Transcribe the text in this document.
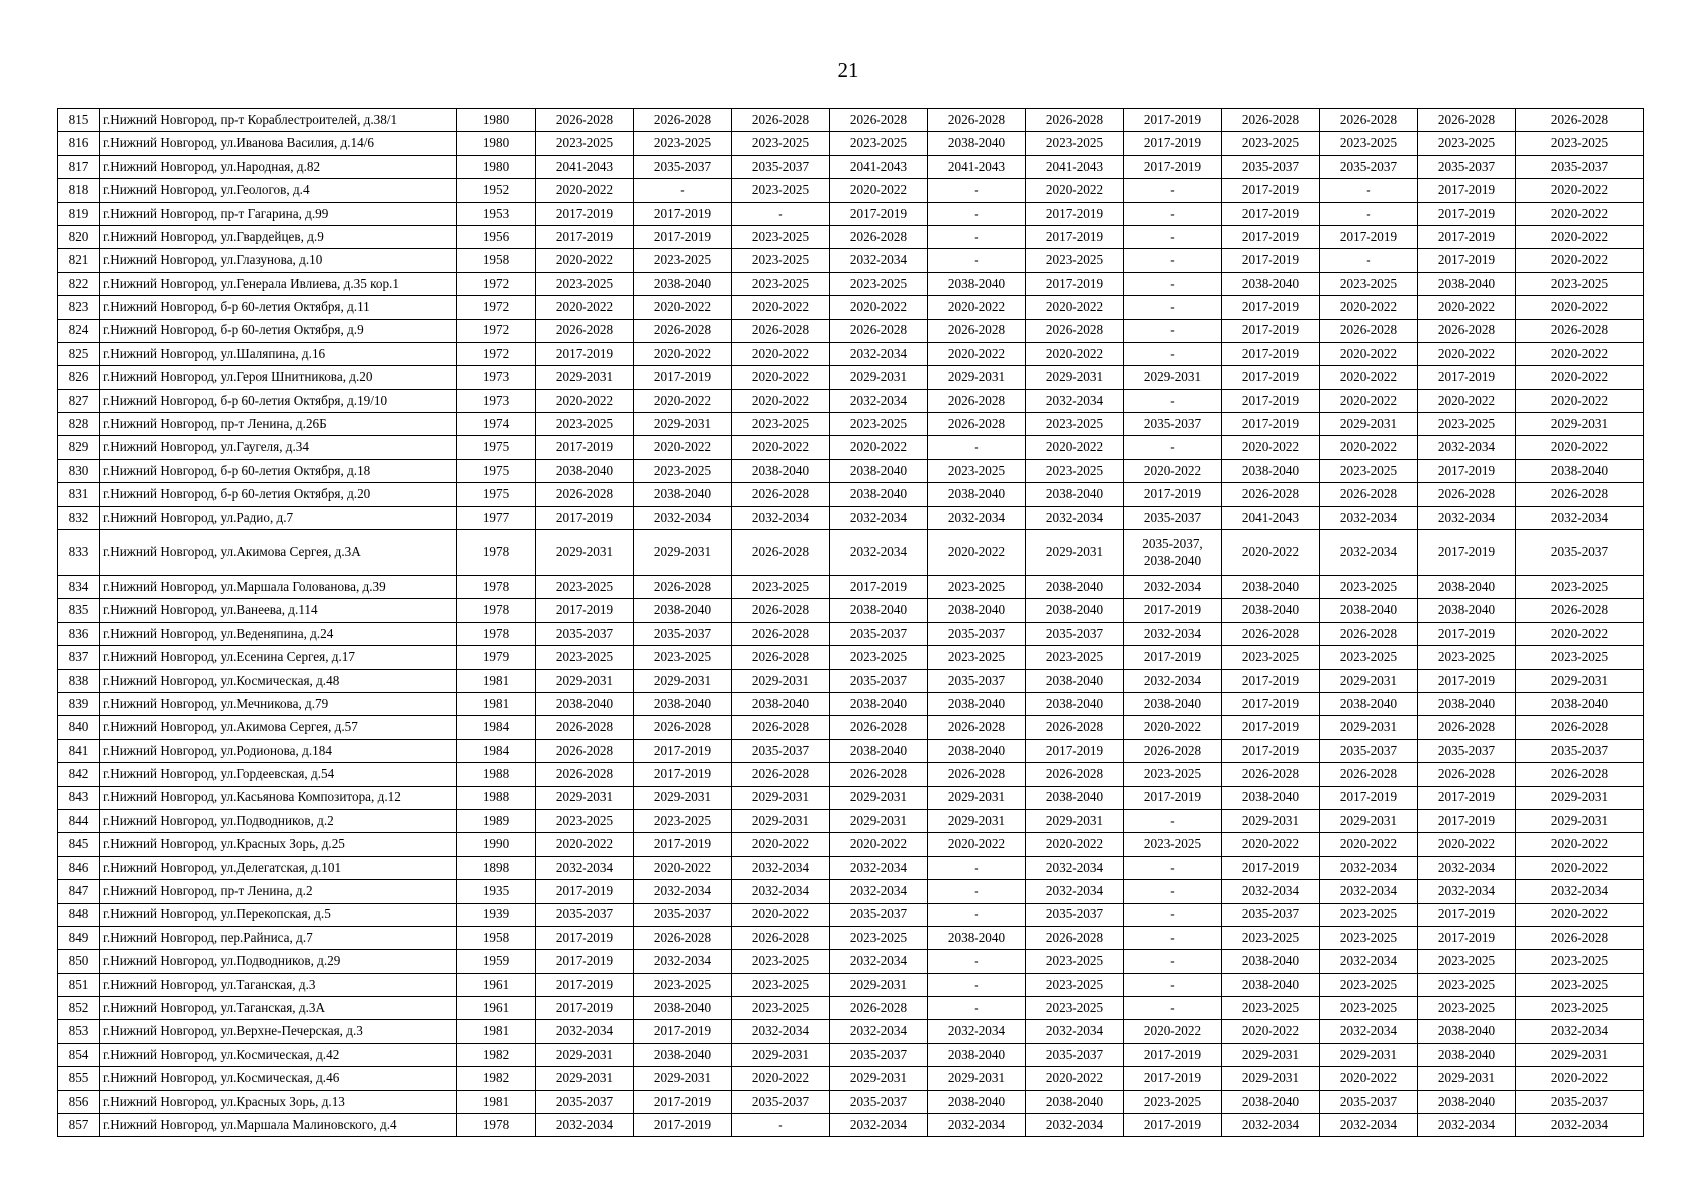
21
815	г.Нижний Новгород, пр-т Кораблестроителей, д.38/1	1980	2026-2028	2026-2028	2026-2028	2026-2028	2026-2028	2026-2028	2017-2019	2026-2028	2026-2028	2026-2028	2026-2028
816	г.Нижний Новгород, ул.Иванова Василия, д.14/6	1980	2023-2025	2023-2025	2023-2025	2023-2025	2038-2040	2023-2025	2017-2019	2023-2025	2023-2025	2023-2025	2023-2025
817	г.Нижний Новгород, ул.Народная, д.82	1980	2041-2043	2035-2037	2035-2037	2041-2043	2041-2043	2041-2043	2017-2019	2035-2037	2035-2037	2035-2037	2035-2037
818	г.Нижний Новгород, ул.Геологов, д.4	1952	2020-2022	-	2023-2025	2020-2022	-	2020-2022	-	2017-2019	-	2017-2019	2020-2022
819	г.Нижний Новгород, пр-т Гагарина, д.99	1953	2017-2019	2017-2019	-	2017-2019	-	2017-2019	-	2017-2019	-	2017-2019	2020-2022
820	г.Нижний Новгород, ул.Гвардейцев, д.9	1956	2017-2019	2017-2019	2023-2025	2026-2028	-	2017-2019	-	2017-2019	2017-2019	2017-2019	2020-2022
821	г.Нижний Новгород, ул.Глазунова, д.10	1958	2020-2022	2023-2025	2023-2025	2032-2034	-	2023-2025	-	2017-2019	-	2017-2019	2020-2022
822	г.Нижний Новгород, ул.Генерала Ивлиева, д.35 кор.1	1972	2023-2025	2038-2040	2023-2025	2023-2025	2038-2040	2017-2019	-	2038-2040	2023-2025	2038-2040	2023-2025
823	г.Нижний Новгород, б-р 60-летия Октября, д.11	1972	2020-2022	2020-2022	2020-2022	2020-2022	2020-2022	2020-2022	-	2017-2019	2020-2022	2020-2022	2020-2022
824	г.Нижний Новгород, б-р 60-летия Октября, д.9	1972	2026-2028	2026-2028	2026-2028	2026-2028	2026-2028	2026-2028	-	2017-2019	2026-2028	2026-2028	2026-2028
825	г.Нижний Новгород, ул.Шаляпина, д.16	1972	2017-2019	2020-2022	2020-2022	2032-2034	2020-2022	2020-2022	-	2017-2019	2020-2022	2020-2022	2020-2022
826	г.Нижний Новгород, ул.Героя Шнитникова, д.20	1973	2029-2031	2017-2019	2020-2022	2029-2031	2029-2031	2029-2031	2029-2031	2017-2019	2020-2022	2017-2019	2020-2022
827	г.Нижний Новгород, б-р 60-летия Октября, д.19/10	1973	2020-2022	2020-2022	2020-2022	2032-2034	2026-2028	2032-2034	-	2017-2019	2020-2022	2020-2022	2020-2022
828	г.Нижний Новгород, пр-т Ленина, д.26Б	1974	2023-2025	2029-2031	2023-2025	2023-2025	2026-2028	2023-2025	2035-2037	2017-2019	2029-2031	2023-2025	2029-2031
829	г.Нижний Новгород, ул.Гаугеля, д.34	1975	2017-2019	2020-2022	2020-2022	2020-2022	-	2020-2022	-	2020-2022	2020-2022	2032-2034	2020-2022
830	г.Нижний Новгород, б-р 60-летия Октября, д.18	1975	2038-2040	2023-2025	2038-2040	2038-2040	2023-2025	2023-2025	2020-2022	2038-2040	2023-2025	2017-2019	2038-2040
831	г.Нижний Новгород, б-р 60-летия Октября, д.20	1975	2026-2028	2038-2040	2026-2028	2038-2040	2038-2040	2038-2040	2017-2019	2026-2028	2026-2028	2026-2028	2026-2028
832	г.Нижний Новгород, ул.Радио, д.7	1977	2017-2019	2032-2034	2032-2034	2032-2034	2032-2034	2032-2034	2035-2037	2041-2043	2032-2034	2032-2034	2032-2034
833	г.Нижний Новгород, ул.Акимова Сергея, д.3А	1978	2029-2031	2029-2031	2026-2028	2032-2034	2020-2022	2029-2031	2035-2037, 2038-2040	2020-2022	2032-2034	2017-2019	2035-2037
834	г.Нижний Новгород, ул.Маршала Голованова, д.39	1978	2023-2025	2026-2028	2023-2025	2017-2019	2023-2025	2038-2040	2032-2034	2038-2040	2023-2025	2038-2040	2023-2025
835	г.Нижний Новгород, ул.Ванеева, д.114	1978	2017-2019	2038-2040	2026-2028	2038-2040	2038-2040	2038-2040	2017-2019	2038-2040	2038-2040	2038-2040	2026-2028
836	г.Нижний Новгород, ул.Веденяпина, д.24	1978	2035-2037	2035-2037	2026-2028	2035-2037	2035-2037	2035-2037	2032-2034	2026-2028	2026-2028	2017-2019	2020-2022
837	г.Нижний Новгород, ул.Есенина Сергея, д.17	1979	2023-2025	2023-2025	2026-2028	2023-2025	2023-2025	2023-2025	2017-2019	2023-2025	2023-2025	2023-2025	2023-2025
838	г.Нижний Новгород, ул.Космическая, д.48	1981	2029-2031	2029-2031	2029-2031	2035-2037	2035-2037	2038-2040	2032-2034	2017-2019	2029-2031	2017-2019	2029-2031
839	г.Нижний Новгород, ул.Мечникова, д.79	1981	2038-2040	2038-2040	2038-2040	2038-2040	2038-2040	2038-2040	2038-2040	2017-2019	2038-2040	2038-2040	2038-2040
840	г.Нижний Новгород, ул.Акимова Сергея, д.57	1984	2026-2028	2026-2028	2026-2028	2026-2028	2026-2028	2026-2028	2020-2022	2017-2019	2029-2031	2026-2028	2026-2028
841	г.Нижний Новгород, ул.Родионова, д.184	1984	2026-2028	2017-2019	2035-2037	2038-2040	2038-2040	2017-2019	2026-2028	2017-2019	2035-2037	2035-2037	2035-2037
842	г.Нижний Новгород, ул.Гордеевская, д.54	1988	2026-2028	2017-2019	2026-2028	2026-2028	2026-2028	2026-2028	2023-2025	2026-2028	2026-2028	2026-2028	2026-2028
843	г.Нижний Новгород, ул.Касьянова Композитора, д.12	1988	2029-2031	2029-2031	2029-2031	2029-2031	2029-2031	2038-2040	2017-2019	2038-2040	2017-2019	2017-2019	2029-2031
844	г.Нижний Новгород, ул.Подводников, д.2	1989	2023-2025	2023-2025	2029-2031	2029-2031	2029-2031	2029-2031	-	2029-2031	2029-2031	2017-2019	2029-2031
845	г.Нижний Новгород, ул.Красных Зорь, д.25	1990	2020-2022	2017-2019	2020-2022	2020-2022	2020-2022	2020-2022	2023-2025	2020-2022	2020-2022	2020-2022	2020-2022
846	г.Нижний Новгород, ул.Делегатская, д.101	1898	2032-2034	2020-2022	2032-2034	2032-2034	-	2032-2034	-	2017-2019	2032-2034	2032-2034	2020-2022
847	г.Нижний Новгород, пр-т Ленина, д.2	1935	2017-2019	2032-2034	2032-2034	2032-2034	-	2032-2034	-	2032-2034	2032-2034	2032-2034	2032-2034
848	г.Нижний Новгород, ул.Перекопская, д.5	1939	2035-2037	2035-2037	2020-2022	2035-2037	-	2035-2037	-	2035-2037	2023-2025	2017-2019	2020-2022
849	г.Нижний Новгород, пер.Райниса, д.7	1958	2017-2019	2026-2028	2026-2028	2023-2025	2038-2040	2026-2028	-	2023-2025	2023-2025	2017-2019	2026-2028
850	г.Нижний Новгород, ул.Подводников, д.29	1959	2017-2019	2032-2034	2023-2025	2032-2034	-	2023-2025	-	2038-2040	2032-2034	2023-2025	2023-2025
851	г.Нижний Новгород, ул.Таганская, д.3	1961	2017-2019	2023-2025	2023-2025	2029-2031	-	2023-2025	-	2038-2040	2023-2025	2023-2025	2023-2025
852	г.Нижний Новгород, ул.Таганская, д.3А	1961	2017-2019	2038-2040	2023-2025	2026-2028	-	2023-2025	-	2023-2025	2023-2025	2023-2025	2023-2025
853	г.Нижний Новгород, ул.Верхне-Печерская, д.3	1981	2032-2034	2017-2019	2032-2034	2032-2034	2032-2034	2032-2034	2020-2022	2020-2022	2032-2034	2038-2040	2032-2034
854	г.Нижний Новгород, ул.Космическая, д.42	1982	2029-2031	2038-2040	2029-2031	2035-2037	2038-2040	2035-2037	2017-2019	2029-2031	2029-2031	2038-2040	2029-2031
855	г.Нижний Новгород, ул.Космическая, д.46	1982	2029-2031	2029-2031	2020-2022	2029-2031	2029-2031	2020-2022	2017-2019	2029-2031	2020-2022	2029-2031	2020-2022
856	г.Нижний Новгород, ул.Красных Зорь, д.13	1981	2035-2037	2017-2019	2035-2037	2035-2037	2038-2040	2038-2040	2023-2025	2038-2040	2035-2037	2038-2040	2035-2037
857	г.Нижний Новгород, ул.Маршала Малиновского, д.4	1978	2032-2034	2017-2019	-	2032-2034	2032-2034	2032-2034	2017-2019	2032-2034	2032-2034	2032-2034	2032-2034
